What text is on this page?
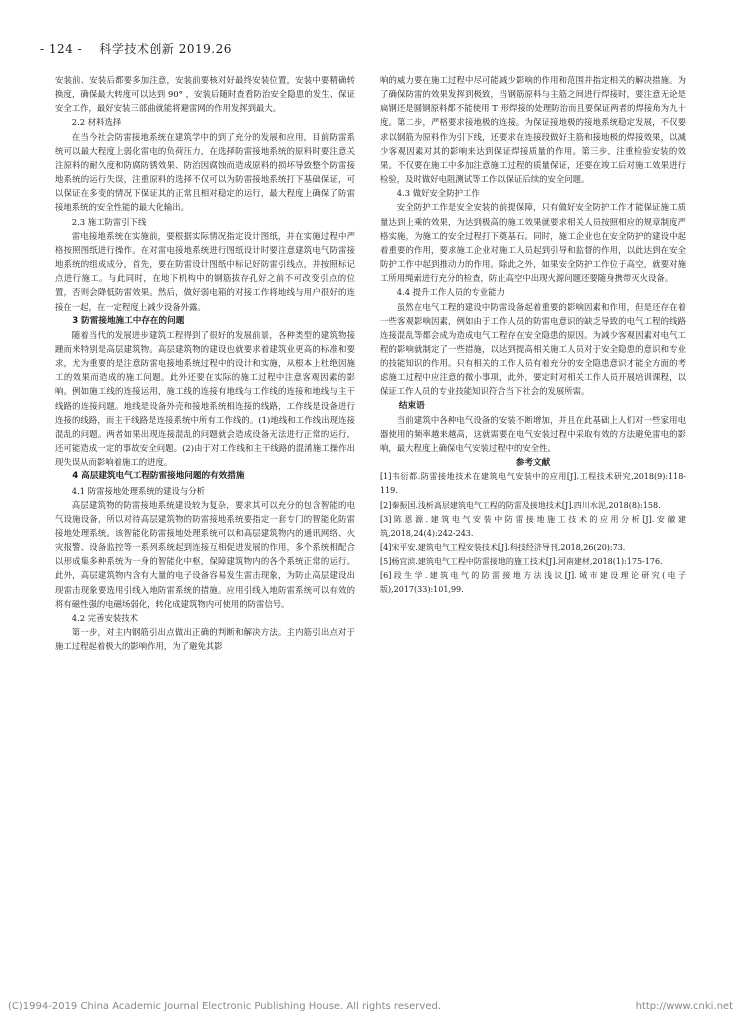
- 124 - 科学技术创新 2019.26

安装前、安装后都要多加注意，安装前要核对好最终安装位置，安装中要精确转换度，确保最大转度可以达到 90° ，安装后随时查看防治安全隐患的发生、保证安全工作，最好安装三部曲就能将避雷网的作用发挥到最大。

2.2 材料选择

在当今社会防雷接地系统在建筑学中的到了充分的发展和应用，目前防雷系统可以最大程度上弱化雷电的负荷压力，在选择防雷接地系统的原料时要注意关注原料的耐久度和防腐防锈效果、防治因腐蚀而造成原料的损坏导致整个防雷接地系统的运行失误，注重原料的选择不仅可以为防雷接地系统打下基础保证，可以保证在多变的情况下保证其的正常且相对稳定的运行，最大程度上确保了防雷接地系统的安全性能的最大化输出。

2.3 施工防雷引下线

雷电接地系统在实施前，要根据实际情况指定设计图纸，并在实施过程中严格按照图纸进行操作。在对雷电接地系统进行图纸设计时要注意建筑电气防雷接地系统的组成成分，首先，要在防雷设计图纸中标记好防雷引线点，并按照标记点进行施工。与此同时，在地下机构中的钢筋拔存孔好之前不可改变引点的位置，否则会降低防雷效果。然后，做好弱电箱的对接工作将地线与用户很好的连接在一起，在一定程度上减少设备外露。

3 防雷接地施工中存在的问题

随着当代的发展进步建筑工程得到了很好的发展前景，各种类型的建筑物接踵而来特别是高层建筑物。高层建筑物的建设也就要求着建筑业更高的标准和要求，尤为重要的是注意防雷电接地系统过程中的设计和实施，从根本上杜绝因施工的效果而造成的施工问题。此外还要在实际的施工过程中注意客观因素的影响。例如施工线的连接运用，施工线的连接有地线与工作线的连接和地线与主干线路的连接问题。地线是设备外壳和接地系统相连接的线路，工作线是设备进行连接的线路，而主干线路是连接系统中所有工作线的。(1)地线和工作线出现连接混乱的问题。两者如果出现连接混乱的问题就会造成设备无法进行正常的运行，还可能造成一定的事故安全问题。(2)由于对工作线和主干线路的混淆施工操作出现失误从而影响着施工的进度。

4 高层建筑电气工程防雷接地问题的有效措施
4.1 防雷接地处理系统的建设与分析

高层建筑物的防雷接地系统建设较为复杂，要求其可以充分的包含智能的电气设施设备，所以对待高层建筑物的防雷接地系统要指定一套专门的智能化防雷接地处理系统。该智能化防雷接地处理系统可以和高层建筑物内的通讯网络、火灾报警、设备监控等一系列系统起到连接互相促进发展的作用，多个系统相配合以形成集多种系统为一身的智能化中枢，保障建筑物内的各个系统正常的运行。此外，高层建筑物内含有大量的电子设备容易发生雷击现象，为防止高层建设出现雷击现象要选用引线入地防雷系统的措施。应用引线入地防雷系统可以有效的将有磁性强的电磁场弱化，转化成建筑物内可使用的防雷信号。

4.2 完善安装技术

第一步，对主内钢筋引出点做出正确的判断和解决方法。主内筋引出点对于施工过程起着极大的影响作用，为了避免其影

响的威力要在施工过程中尽可能减少影响的作用和范围并指定相关的解决措施。为了确保防雷的效果发挥到极致，当钢筋原料与主筋之间进行焊接时，要注意无论是扁钢还是圆钢原料都不能使用 T 形焊接的处理防治而且要保证两者的焊接角为九十度。第二步，严格要求接地极的连接。为保证接地极的接地系统稳定发展，不仅要求以钢筋为原料作为引下线，还要求在连接段做好主筋和接地极的焊接效果，以减少客观因素对其的影响来达到保证焊接质量的作用。第三步，注重检验安装的效果。不仅要在施工中多加注意施工过程的质量保证，还要在竣工后对施工效果进行检验，及时做好电阻测试等工作以保证后续的安全问题。

4.3 做好安全防护工作

安全防护工作是安全安装的前提保障，只有做好安全防护工作才能保证施工质量达到上乘的效果，为达到极高的施工效果就要求相关人员按照相应的规章制度严格实施，为施工的安全过程打下奠基石。同时，施工企业也在安全防护的建设中起着重要的作用，要求施工企业对施工人员起到引导和监督的作用，以此达到在安全防护工作中起到推动力的作用。除此之外，如果安全防护工作位于高空，就要对施工所用绳索进行充分的检查，防止高空中出现火源问题还要随身携带灭火设备。

4.4 提升工作人员的专业能力

虽然在电气工程的建设中防雷设备起着重要的影响因素和作用，但是还存在着一些客观影响因素，例如由于工作人员的防雷电意识的缺乏导致的电气工程的线路连接混乱等都会成为造成电气工程存在安全隐患的原因。为减少客观因素对电气工程的影响就制定了一些措施，以达到提高相关施工人员对于安全隐患的意识和专业的技能知识的作用。只有相关的工作人员有着充分的安全隐患意识才能全方面的考虑施工过程中应注意的微小事项，此外，要定时对相关工作人员开展培训课程，以保证工作人员的专业技能知识符合当下社会的发展所需。

结束语

当前建筑中各种电气设备的安装不断增加，并且在此基础上人们对一些家用电器使用的频率越来越高，这就需要在电气安装过程中采取有效的方法避免雷电的影响，最大程度上确保电气安装过程中的安全性。

参考文献

[1]韦衍都.防雷接地技术在建筑电气安装中的应用[J].工程技术研究,2018(9):118-119.

[2]秦振国.浅析高层建筑电气工程的防雷及接地技术[J].四川水泥,2018(8):158.

[3]陈恩源.建筑电气安装中防雷接地施工技术的应用分析[J].安徽建筑,2018,24(4):242-243.

[4]宋平安.建筑电气工程安装技术[J].科技经济导刊,2018,26(20):73.

[5]杨宜滨.建筑电气工程中防雷接地的施工技术[J].河南建材,2018(1):175-176.

[6]段生学.建筑电气的防雷接地方法浅议[J].城市建设理论研究(电子版),2017(33):101,99.

(C)1994-2019 China Academic Journal Electronic Publishing House. All rights reserved.	http://www.cnki.net
